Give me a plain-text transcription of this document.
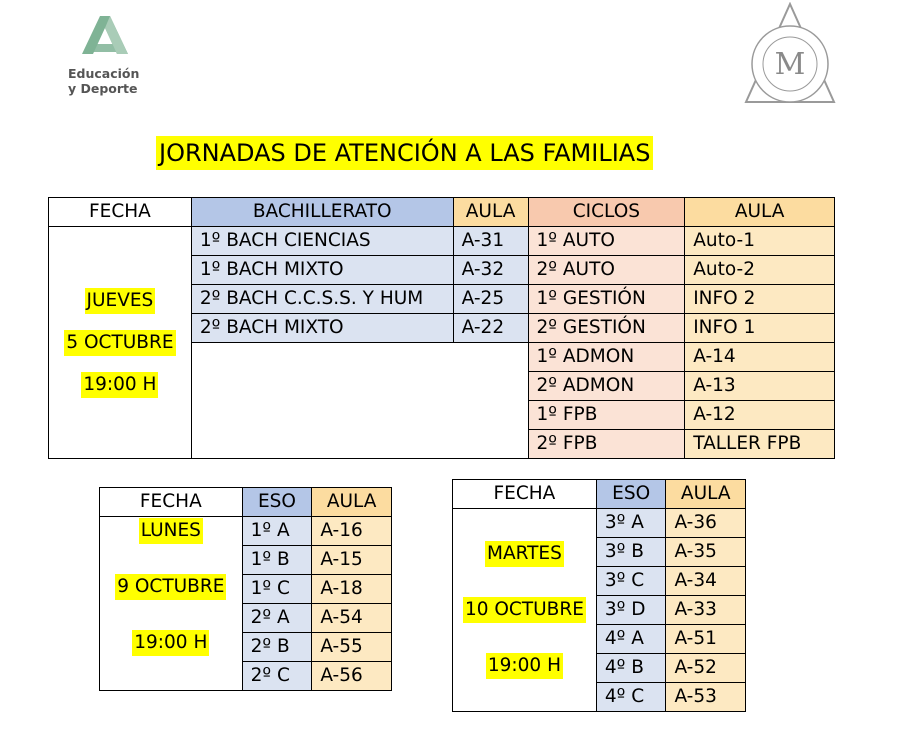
Educación
y Deporte
M
JORNADAS DE ATENCIÓN A LAS FAMILIAS
FECHA	BACHILLERATO	AULA	CICLOS	AULA

JUEVES
5 OCTUBRE
19:00 H	1º BACH CIENCIAS	A-31	1º AUTO	Auto-1
	1º BACH MIXTO	A-32	2º AUTO	Auto-2
	2º BACH C.C.S.S. Y HUM	A-25	1º GESTIÓN	INFO 2
	2º BACH MIXTO	A-22	2º GESTIÓN	INFO 1
			1º ADMON	A-14
			2º ADMON	A-13
			1º FPB	A-12
			2º FPB	TALLER FPB
FECHA	ESO	AULA

LUNES
9 OCTUBRE
19:00 H	1º A	A-16
	1º B	A-15
	1º C	A-18
	2º A	A-54
	2º B	A-55
	2º C	A-56
FECHA	ESO	AULA

MARTES
10 OCTUBRE
19:00 H	3º A	A-36
	3º B	A-35
	3º C	A-34
	3º D	A-33
	4º A	A-51
	4º B	A-52
	4º C	A-53
